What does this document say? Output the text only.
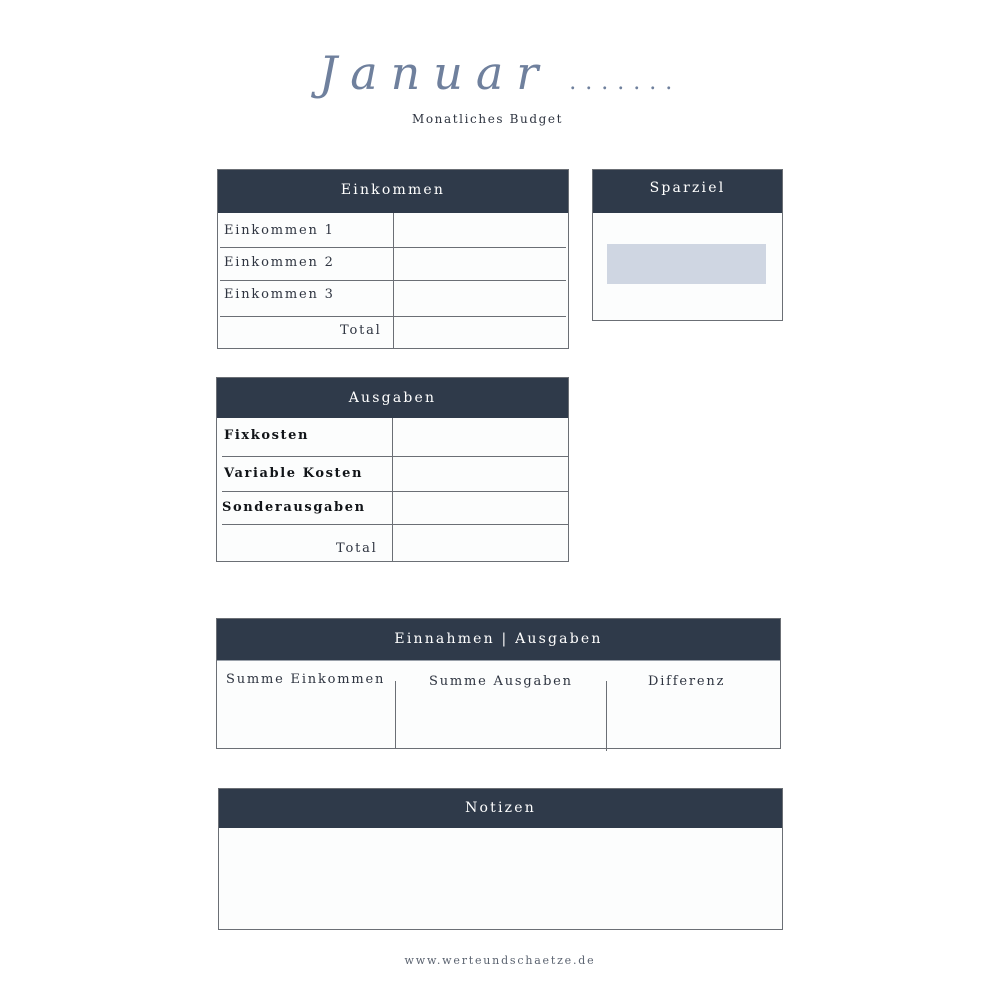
Januar .......
Monatliches Budget
Einkommen
Einkommen 1
Einkommen 2
Einkommen 3
Total
Sparziel
Ausgaben
Fixkosten
Variable Kosten
Sonderausgaben
Total
Einnahmen | Ausgaben
Summe Einkommen	Summe Ausgaben	Differenz
Notizen
www.werteundschaetze.de
